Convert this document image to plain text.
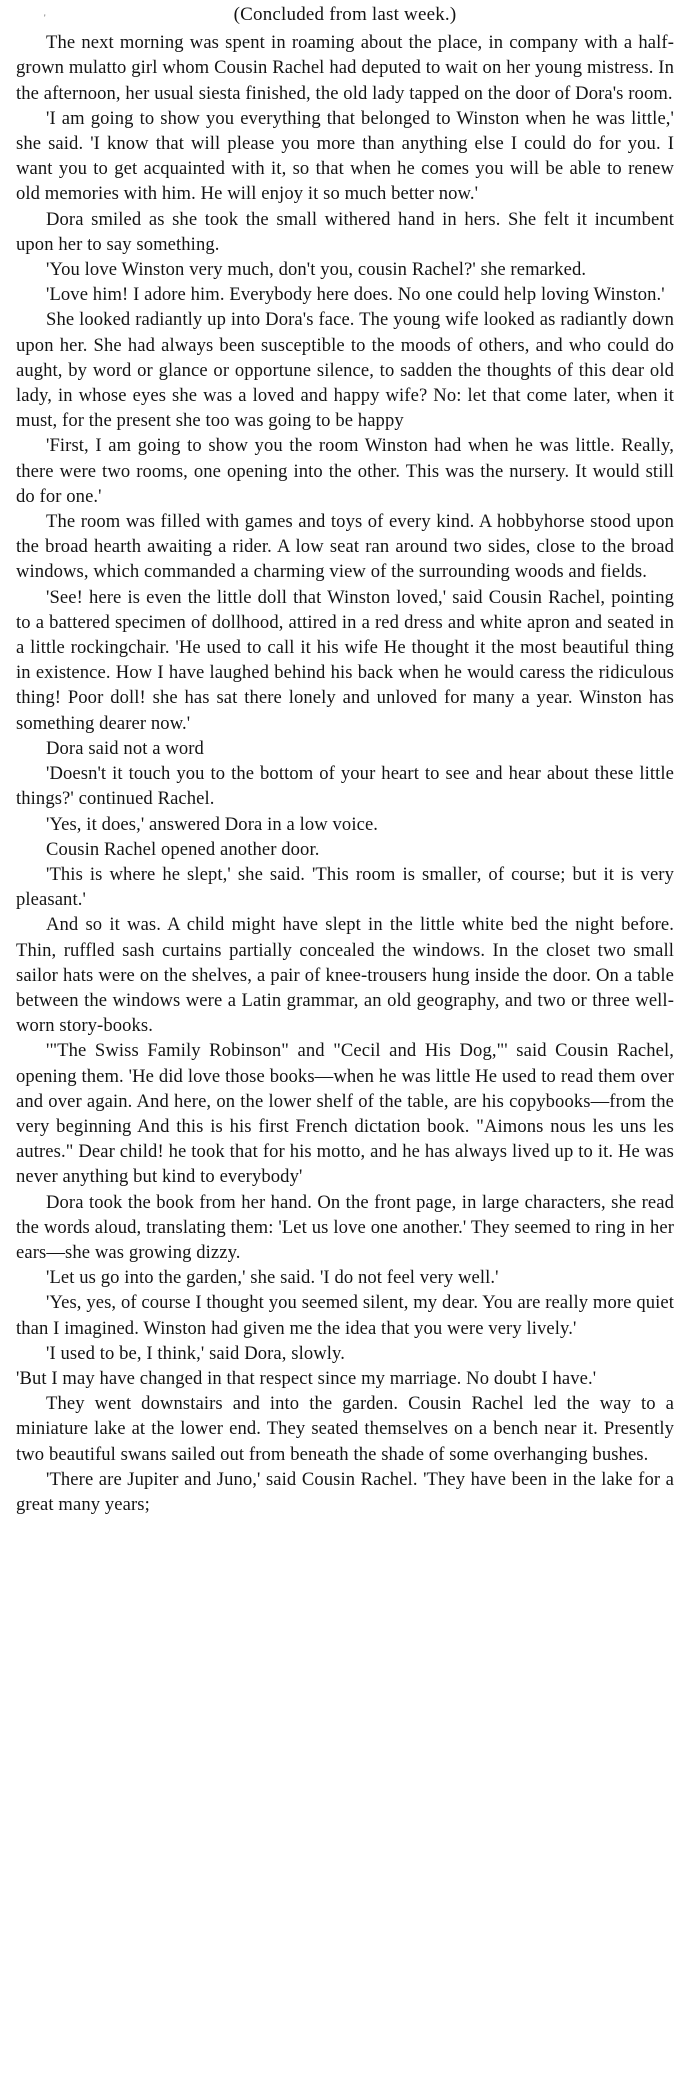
'	(Concluded from last week.)

The next morning was spent in roaming about the place, in company with a half-grown mulatto girl whom Cousin Rachel had deputed to wait on her young mistress. In the afternoon, her usual siesta finished, the old lady tapped on the door of Dora's room.

'I am going to show you everything that belonged to Winston when he was little,' she said. 'I know that will please you more than anything else I could do for you. I want you to get acquainted with it, so that when he comes you will be able to renew old memories with him. He will enjoy it so much better now.'

Dora smiled as she took the small withered hand in hers. She felt it incumbent upon her to say something.

'You love Winston very much, don't you, cousin Rachel?' she remarked.

'Love him! I adore him. Everybody here does. No one could help loving Winston.'

She looked radiantly up into Dora's face. The young wife looked as radiantly down upon her. She had always been susceptible to the moods of others, and who could do aught, by word or glance or opportune silence, to sadden the thoughts of this dear old lady, in whose eyes she was a loved and happy wife? No: let that come later, when it must, for the present she too was going to be happy

'First, I am going to show you the room Winston had when he was little. Really, there were two rooms, one opening into the other. This was the nursery. It would still do for one.'

The room was filled with games and toys of every kind. A hobbyhorse stood upon the broad hearth awaiting a rider. A low seat ran around two sides, close to the broad windows, which commanded a charming view of the surrounding woods and fields.

'See! here is even the little doll that Winston loved,' said Cousin Rachel, pointing to a battered specimen of dollhood, attired in a red dress and white apron and seated in a little rockingchair. 'He used to call it his wife He thought it the most beautiful thing in existence. How I have laughed behind his back when he would caress the ridiculous thing! Poor doll! she has sat there lonely and unloved for many a year. Winston has something dearer now.'

Dora said not a word

'Doesn't it touch you to the bottom of your heart to see and hear about these little things?' continued Rachel.

'Yes, it does,' answered Dora in a low voice.

Cousin Rachel opened another door.

'This is where he slept,' she said. 'This room is smaller, of course; but it is very pleasant.'

And so it was. A child might have slept in the little white bed the night before. Thin, ruffled sash curtains partially concealed the windows. In the closet two small sailor hats were on the shelves, a pair of knee-trousers hung inside the door. On a table between the windows were a Latin grammar, an old geography, and two or three well-worn story-books.

'"The Swiss Family Robinson" and "Cecil and His Dog,"' said Cousin Rachel, opening them. 'He did love those books—when he was little He used to read them over and over again. And here, on the lower shelf of the table, are his copybooks—from the very beginning And this is his first French dictation book. "Aimons nous les uns les autres." Dear child! he took that for his motto, and he has always lived up to it. He was never anything but kind to everybody'

Dora took the book from her hand. On the front page, in large characters, she read the words aloud, translating them: 'Let us love one another.' They seemed to ring in her ears—she was growing dizzy.

'Let us go into the garden,' she said. 'I do not feel very well.'

'Yes, yes, of course I thought you seemed silent, my dear. You are really more quiet than I imagined. Winston had given me the idea that you were very lively.'

'I used to be, I think,' said Dora, slowly.

'But I may have changed in that respect since my marriage. No doubt I have.'

They went downstairs and into the garden. Cousin Rachel led the way to a miniature lake at the lower end. They seated themselves on a bench near it. Presently two beautiful swans sailed out from beneath the shade of some overhanging bushes.

'There are Jupiter and Juno,' said Cousin Rachel. 'They have been in the lake for a great many years;
